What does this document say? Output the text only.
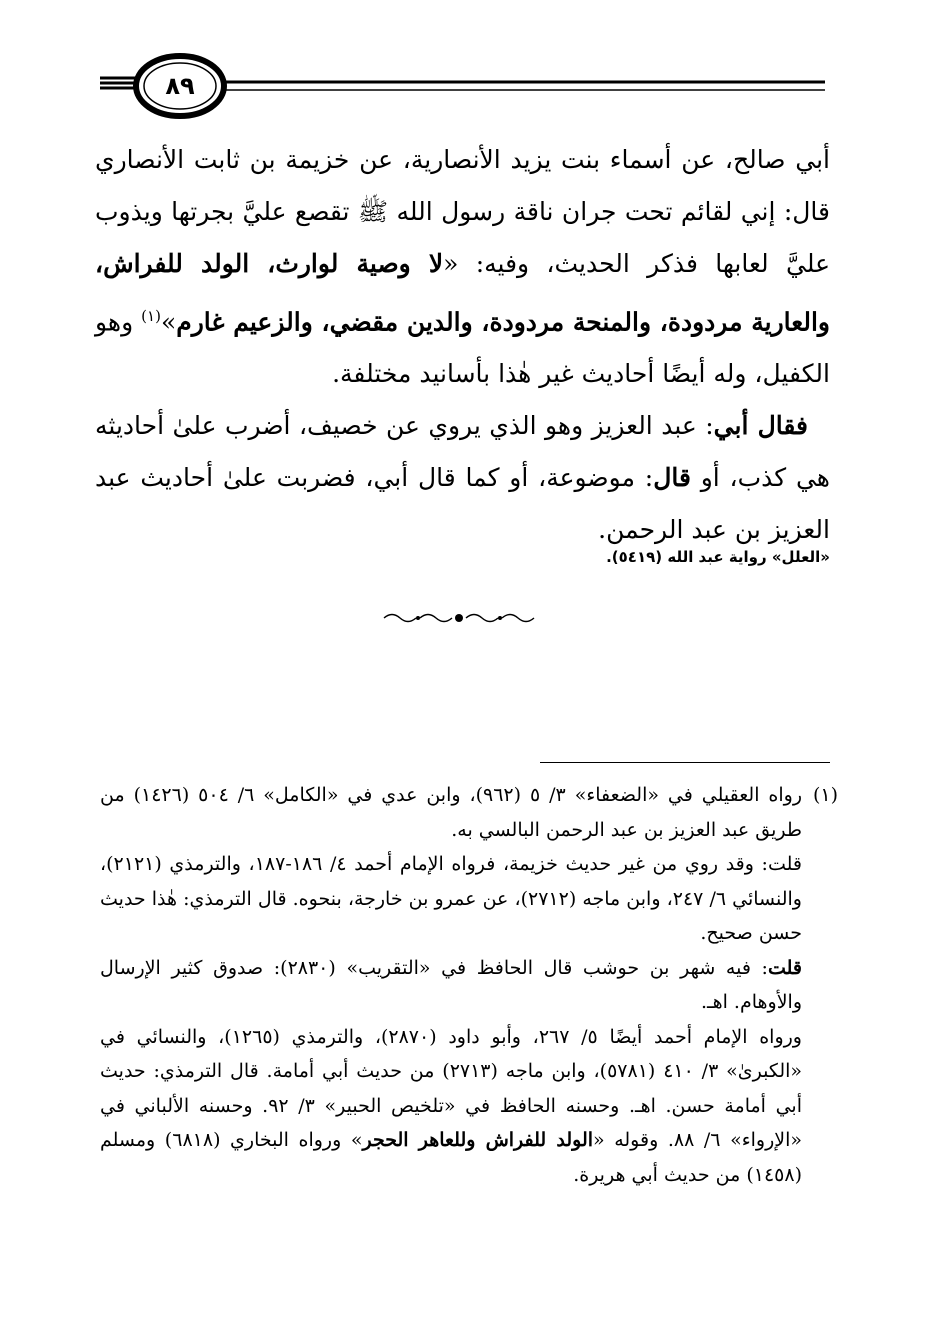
٨٩

أبي صالح، عن أسماء بنت يزيد الأنصارية، عن خزيمة بن ثابت الأنصاري قال: إني لقائم تحت جران ناقة رسول الله ﷺ تقصع عليَّ بجرتها ويذوب عليَّ لعابها فذكر الحديث، وفيه: «لا وصية لوارث، الولد للفراش، والعارية مردودة، والمنحة مردودة، والدين مقضي، والزعيم غارم»$^{(١)}$ وهو الكفيل، وله أيضًا أحاديث غير هٰذا بأسانيد مختلفة.

فقال أبي: عبد العزيز وهو الذي يروي عن خصيف، أضرب علىٰ أحاديثه هي كذب، أو قال: موضوعة، أو كما قال أبي، فضربت علىٰ أحاديث عبد العزيز بن عبد الرحمن.

«العلل» رواية عبد الله (٥٤١٩).
(١)

رواه العقيلي في «الضعفاء» ٣/ ٥ (٩٦٢)، وابن عدي في «الكامل» ٦/ ٥٠٤ (١٤٢٦) من طريق عبد العزيز بن عبد الرحمن البالسي به.

قلت: وقد روي من غير حديث خزيمة، فرواه الإمام أحمد ٤/ ١٨٦-١٨٧، والترمذي (٢١٢١)، والنسائي ٦/ ٢٤٧، وابن ماجه (٢٧١٢)، عن عمرو بن خارجة، بنحوه. قال الترمذي: هٰذا حديث حسن صحيح.

قلت: فيه شهر بن حوشب قال الحافظ في «التقريب» (٢٨٣٠): صدوق كثير الإرسال والأوهام. اهـ.

ورواه الإمام أحمد أيضًا ٥/ ٢٦٧، وأبو داود (٢٨٧٠)، والترمذي (١٢٦٥)، والنسائي في «الكبرىٰ» ٣/ ٤١٠ (٥٧٨١)، وابن ماجه (٢٧١٣) من حديث أبي أمامة. قال الترمذي: حديث أبي أمامة حسن. اهـ. وحسنه الحافظ في «تلخيص الحبير» ٣/ ٩٢. وحسنه الألباني في «الإرواء» ٦/ ٨٨. وقوله «الولد للفراش وللعاهر الحجر» ورواه البخاري (٦٨١٨) ومسلم (١٤٥٨) من حديث أبي هريرة.
